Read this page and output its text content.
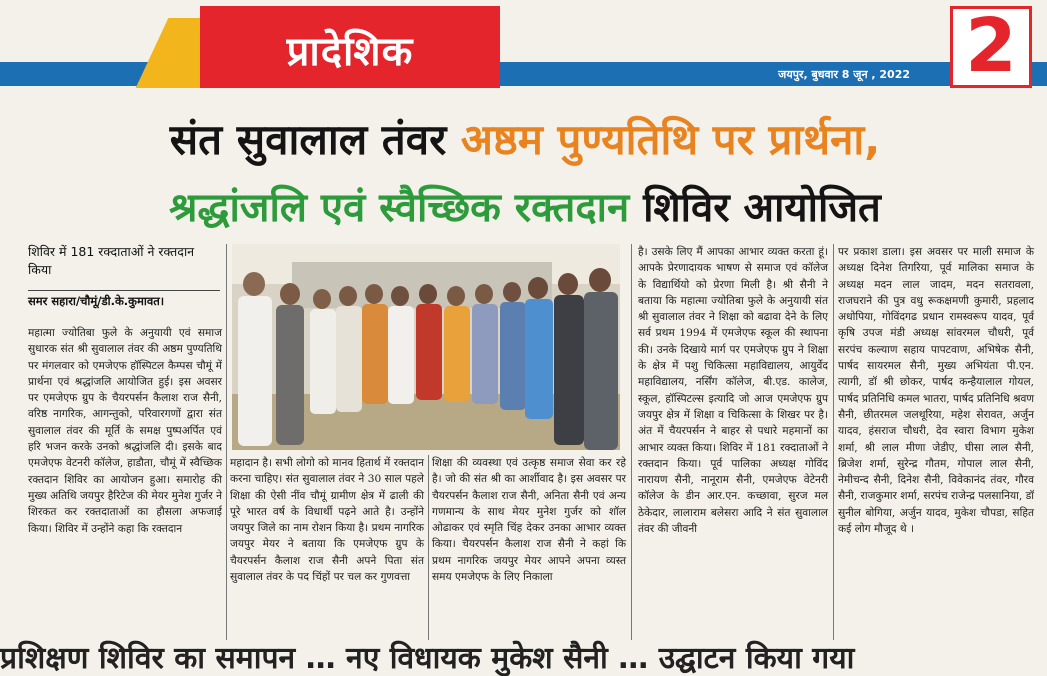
प्रादेशिक	जयपुर, बुधवार 8 जून , 2022 2
संत सुवालाल तंवर अष्ठम पुण्यतिथि पर प्रार्थना,
श्रद्धांजलि एवं स्वैच्छिक रक्तदान शिविर आयोजित
शिविर में 181 रक्दाताओं ने रक्तदान किया
समर सहारा/चौमूं/डी.के.कुमावत।
महात्मा ज्योतिबा फुले के अनुयायी एवं समाज सुधारक संत श्री सुवालाल तंवर की अष्ठम पुण्यतिथि पर मंगलवार को एमजेएफ हॉस्पिटल कैम्पस चौमूं में प्रार्थना एवं श्रद्धांजलि आयोजित हुई। इस अवसर पर एमजेएफ ग्रुप के चैयरपर्सन कैलाश राज सैनी, वरिष्ठ नागरिक, आगन्तुको, परिवारगणों द्वारा संत सुवालाल तंवर की मूर्ति के समक्ष पुष्पअर्पित एवं हरि भजन करके उनको श्रद्धांजलि दी। इसके बाद एमजेएफ वेटनरी कॉलेज, हाडौता, चौमूं में स्वैच्छिक रक्तदान शिविर का आयोजन हुआ। समारोह की मुख्य अतिथि जयपुर हैरिटेज की मेयर मुनेश गुर्जर ने शिरकत कर रक्तदाताओं का हौसला अफजाई किया। शिविर में उन्होंने कहा कि रक्तदान
महादान है। सभी लोगो को मानव हितार्थ में रक्तदान करना चाहिए। संत सुवालाल तंवर ने 30 साल पहले शिक्षा की ऐसी नींव चौमूं ग्रामीण क्षेत्र में ढाली की पूरे भारत वर्ष के विधार्थी पढ़ने आते है। उन्होंने जयपुर जिले का नाम रोशन किया है। प्रथम नागरिक जयपुर मेयर ने बताया कि एमजेएफ ग्रुप के चैयरपर्सन कैलाश राज सैनी अपने पिता संत सुवालाल तंवर के पद चिंहों पर चल कर गुणवत्ता
शिक्षा की व्यवस्था एवं उत्कृष्ठ समाज सेवा कर रहे है। जो की संत श्री का आर्शीवाद है। इस अवसर पर चैयरपर्सन कैलाश राज सैनी, अनिता सैनी एवं अन्य गणमान्य के साथ मेयर मुनेश गुर्जर को शॉल ओढाकर एवं स्मृति चिंह देकर उनका आभार व्यक्त किया। चैयरपर्सन कैलाश राज सैनी ने कहां कि प्रथम नागरिक जयपुर मेयर आपने अपना व्यस्त समय एमजेएफ के लिए निकाला
है। उसके लिए मैं आपका आभार व्यक्त करता हूं। आपके प्रेरणादायक भाषण से समाज एवं कॉलेज के विद्यार्थियो को प्रेरणा मिली है। श्री सैनी ने बताया कि महात्मा ज्योतिबा फुले के अनुयायी संत श्री सुवालाल तंवर ने शिक्षा को बढावा देने के लिए सर्व प्रथम 1994 में एमजेएफ स्कूल की स्थापना की। उनके दिखाये मार्ग पर एमजेएफ ग्रुप ने शिक्षा के क्षेत्र में पशु चिकित्सा महाविद्यालय, आयुर्वेद महाविद्यालय, नर्सिंग कॉलेज, बी.एड. कालेज, स्कूल, हॉस्पिटल्स इत्यादि जो आज एमजेएफ ग्रुप जयपुर क्षेत्र में शिक्षा व चिकित्सा के शिखर पर है। अंत में चैयरपर्सन ने बाहर से पधारे महमानों का आभार व्यक्त किया। शिविर में 181 रक्दाताओं ने रक्तदान किया। पूर्व पालिका अध्यक्ष गोविंद नारायण सैनी, नानूराम सैनी, एमजेएफ वेटेनरी कॉलेज के डीन आर.एन. कच्छावा, सुरज मल ठेकेदार, लालाराम बलेसरा आदि ने संत सुवालाल तंवर की जीवनी
पर प्रकाश डाला। इस अवसर पर माली समाज के अध्यक्ष दिनेश तिगरिया, पूर्व मालिका समाज के अध्यक्ष मदन लाल जादम, मदन सतरावला, राजघराने की पुत्र वधु रूकक्षमणी कुमारी, प्रहलाद अधोपिया, गोविंदगढ प्रधान रामस्वरूप यादव, पूर्व कृषि उपज मंडी अध्यक्ष सांवरमल चौधरी, पूर्व सरपंच कल्याण सहाय पापटवाण, अभिषेक सैनी, पार्षद सायरमल सैनी, मुख्य अभियंता पी.एन. त्यागी, डॉ श्री छोकर, पार्षद कन्हैयालाल गोयल, पार्षद प्रतिनिधि कमल भातरा, पार्षद प्रतिनिधि श्रवण सैनी, छीतरमल जलथूरिया, महेश सेरावत, अर्जुन यादव, हंसराज चौधरी, देव स्वारा विभाग मुकेश शर्मा, श्री लाल मीणा जेडीए, घीसा लाल सैनी, ब्रिजेश शर्मा, सुरेन्द्र गौतम, गोपाल लाल सैनी, नेमीचन्द सैनी, दिनेश सैनी, विवेकानंद तंवर, गौरव सैनी, राजकुमार शर्मा, सरपंच राजेन्द्र पलसानिया, डॉ सुनील बोगिया, अर्जुन यादव, मुकेश चौपडा, सहित कई लोग मौजूद थे ।
प्रशिक्षण शिविर का समापन … नए विधायक मुकेश सैनी … उद्घाटन किया गया
